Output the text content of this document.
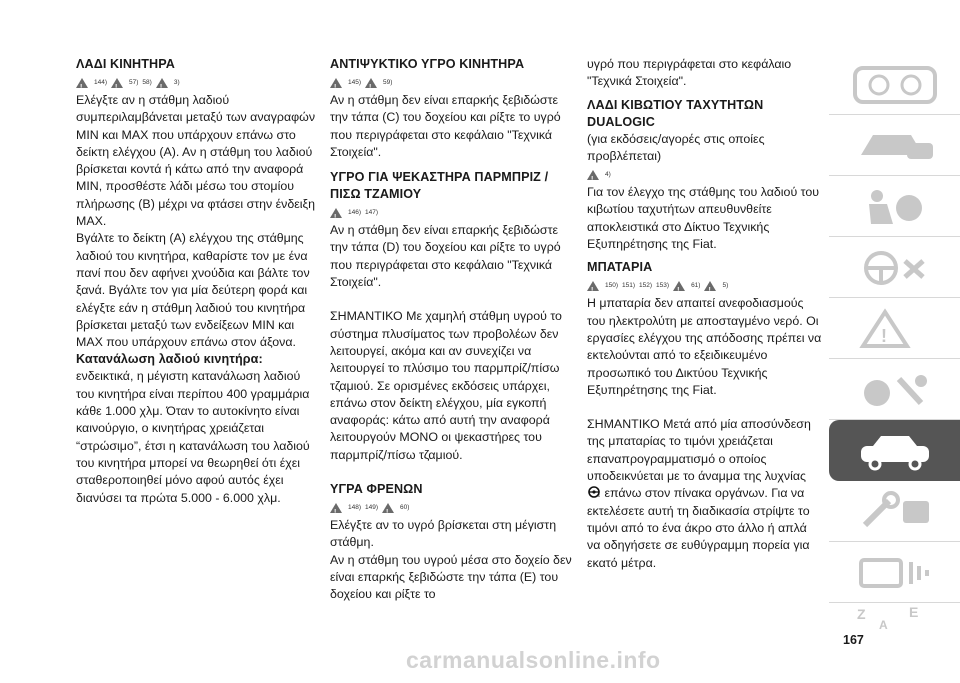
ΛΑΔΙ ΚΙΝΗΤΗΡΑ

!
144) !	57) 58) !	3)

Ελέγξτε αν η στάθμη λαδιού συμπεριλαμβάνεται μεταξύ των αναγραφών MIN και MAX που υπάρχουν επάνω στο δείκτη ελέγχου (A). Αν η στάθμη του λαδιού βρίσκεται κοντά ή κάτω από την αναφορά MIN, προσθέστε λάδι μέσω του στομίου πλήρωσης (B) μέχρι να φτάσει στην ένδειξη MAX.

Βγάλτε το δείκτη (A) ελέγχου της στάθμης λαδιού του κινητήρα, καθαρίστε τον με ένα πανί που δεν αφήνει χνούδια και βάλτε τον ξανά. Βγάλτε τον για μία δεύτερη φορά και ελέγξτε εάν η στάθμη λαδιού του κινητήρα βρίσκεται μεταξύ των ενδείξεων MIN και MAX που υπάρχουν επάνω στον άξονα.

Κατανάλωση λαδιού κινητήρα:

ενδεικτικά, η μέγιστη κατανάλωση λαδιού του κινητήρα είναι περίπου 400 γραμμάρια κάθε 1.000 χλμ. Όταν το αυτοκίνητο είναι καινούργιο, ο κινητήρας χρειάζεται “στρώσιμο”, έτσι η κατανάλωση του λαδιού του κινητήρα μπορεί να θεωρηθεί ότι έχει σταθεροποιηθεί μόνο αφού αυτός έχει διανύσει τα πρώτα 5.000 - 6.000 χλμ.

ΑΝΤΙΨΥΚΤΙΚΟ ΥΓΡΟ ΚΙΝΗΤΗΡΑ

!
145) !	59)

Αν η στάθμη δεν είναι επαρκής ξεβιδώστε την τάπα (C) του δοχείου και ρίξτε το υγρό που περιγράφεται στο κεφάλαιο "Τεχνικά Στοιχεία".

ΥΓΡΟ ΓΙΑ ΨΕΚΑΣΤΗΡΑ ΠΑΡΜΠΡΙΖ / ΠΙΣΩ ΤΖΑΜΙΟΥ

!
146) 147)

Αν η στάθμη δεν είναι επαρκής ξεβιδώστε την τάπα (D) του δοχείου και ρίξτε το υγρό που περιγράφεται στο κεφάλαιο "Τεχνικά Στοιχεία".

ΣΗΜΑΝΤΙΚΟ Με χαμηλή στάθμη υγρού το σύστημα πλυσίματος των προβολέων δεν λειτουργεί, ακόμα και αν συνεχίζει να λειτουργεί το πλύσιμο του παρμπρίζ/πίσω τζαμιού. Σε ορισμένες εκδόσεις υπάρχει, επάνω στον δείκτη ελέγχου, μία εγκοπή αναφοράς: κάτω από αυτή την αναφορά λειτουργούν MONO οι ψεκαστήρες του παρμπρίζ/πίσω τζαμιού.

ΥΓΡΑ ΦΡΕΝΩΝ

!
148) 149) !	60)

Ελέγξτε αν το υγρό βρίσκεται στη μέγιστη στάθμη.

Αν η στάθμη του υγρού μέσα στο δοχείο δεν είναι επαρκής ξεβιδώστε την τάπα (E) του δοχείου και ρίξτε το

υγρό που περιγράφεται στο κεφάλαιο "Τεχνικά Στοιχεία".

ΛΑΔΙ ΚΙΒΩΤΙΟΥ ΤΑΧΥΤΗΤΩΝ DUALOGIC

(για εκδόσεις/αγορές στις οποίες προβλέπεται)

!
4)

Για τον έλεγχο της στάθμης του λαδιού του κιβωτίου ταχυτήτων απευθυνθείτε αποκλειστικά στο Δίκτυο Τεχνικής Εξυπηρέτησης της Fiat.

ΜΠΑΤΑΡΙΑ

!
150) 151) 152) 153) !	61) !	5)

Η μπαταρία δεν απαιτεί ανεφοδιασμούς του ηλεκτρολύτη με αποσταγμένο νερό. Οι εργασίες ελέγχου της απόδοσης πρέπει να εκτελούνται από το εξειδικευμένο προσωπικό του Δικτύου Τεχνικής Εξυπηρέτησης της Fiat.

ΣΗΜΑΝΤΙΚΟ Μετά από μία αποσύνδεση της μπαταρίας το τιμόνι χρειάζεται επαναπρογραμματισμό ο οποίος υποδεικνύεται με το άναμμα της λυχνίας
! επάνω στον πίνακα οργάνων. Για να εκτελέσετε αυτή τη διαδικασία στρίψτε το τιμόνι από το ένα άκρο στο άλλο ή απλά να οδηγήσετε σε ευθύγραμμη πορεία για εκατό μέτρα.

!
Z	E
A
167
carmanualsonline.info
